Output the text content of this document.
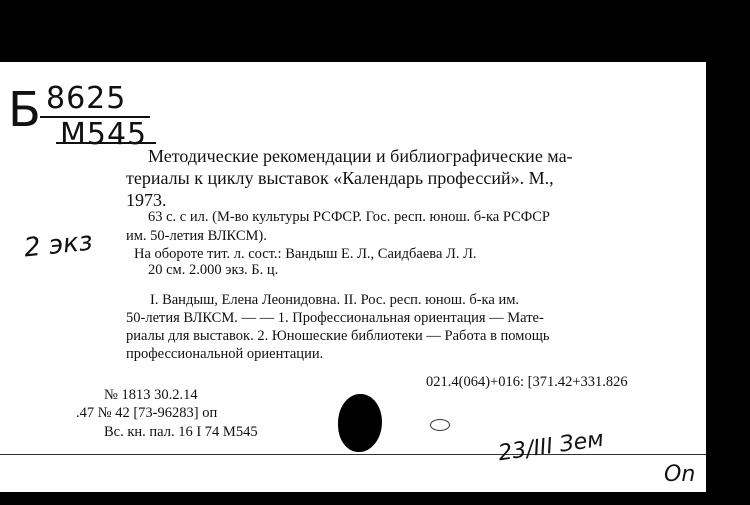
Б 8625
M545
2 экз
Методические рекомендации и библиографические ма-
териалы к циклу выставок «Календарь профессий». М.,
1973.
63 с. с ил. (М-во культуры РСФСР. Гос. респ. юнош. б-ка РСФСР
им. 50-летия ВЛКСМ).
На обороте тит. л. сост.: Вандыш Е. Л., Саидбаева Л. Л.
20 см. 2.000 экз. Б. ц.
I. Вандыш, Елена Леонидовна. II. Рос. респ. юнош. б-ка им.
50-летия ВЛКСМ. — — 1. Профессиональная ориентация — Мате-
риалы для выставок. 2. Юношеские библиотеки — Работа в помощь
профессиональной ориентации.
021.4(064)+016: [371.42+331.826
№ 1813 30.2.14
.47 № 42 [73-96283] оп
Вс. кн. пал. 16 I 74 M545	23/III Зем
On
